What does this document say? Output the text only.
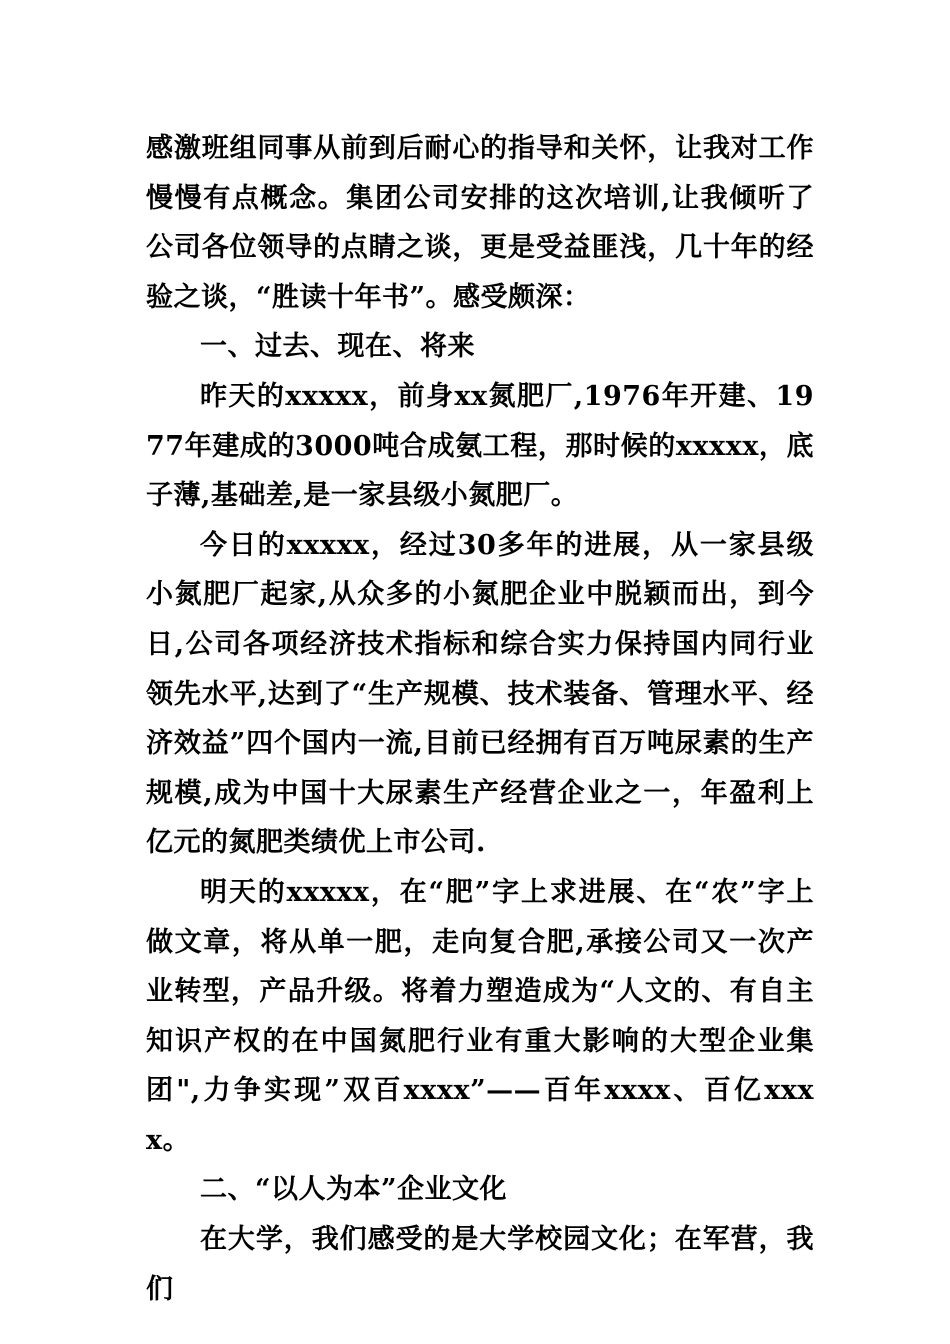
感激班组同事从前到后耐心的指导和关怀，让我对工作慢慢有点概念。集团公司安排的这次培训,让我倾听了公司各位领导的点睛之谈，更是受益匪浅，几十年的经验之谈，“胜读十年书”。感受颇深：

一、过去、现在、将来

昨天的xxxxx，前身xx氮肥厂,1976年开建、1977年建成的3000吨合成氨工程，那时候的xxxxx，底子薄,基础差,是一家县级小氮肥厂。

今日的xxxxx，经过30多年的进展，从一家县级小氮肥厂起家,从众多的小氮肥企业中脱颖而出，到今日,公司各项经济技术指标和综合实力保持国内同行业领先水平,达到了“生产规模、技术装备、管理水平、经济效益”四个国内一流,目前已经拥有百万吨尿素的生产规模,成为中国十大尿素生产经营企业之一，年盈利上亿元的氮肥类绩优上市公司.

明天的xxxxx，在“肥”字上求进展、在“农”字上做文章，将从单一肥，走向复合肥,承接公司又一次产业转型，产品升级。将着力塑造成为“人文的、有自主知识产权的在中国氮肥行业有重大影响的大型企业集团",力争实现”双百xxxx”——百年xxxx、百亿xxxx。

二、“以人为本”企业文化

在大学，我们感受的是大学校园文化；在军营，我们
